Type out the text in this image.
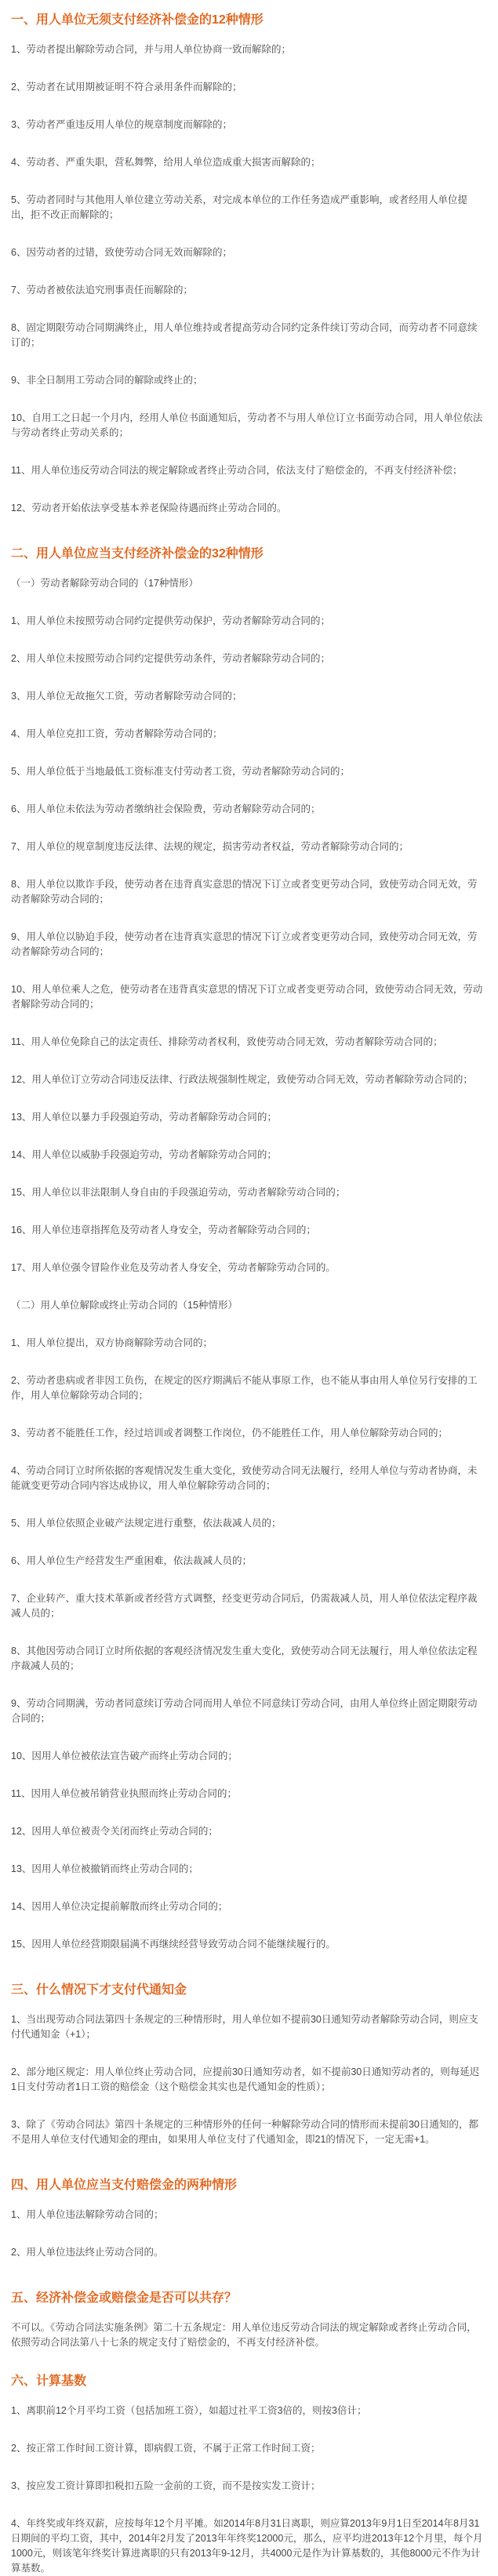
一、用人单位无须支付经济补偿金的12种情形
1、劳动者提出解除劳动合同，并与用人单位协商一致而解除的；
2、劳动者在试用期被证明不符合录用条件而解除的；
3、劳动者严重违反用人单位的规章制度而解除的；
4、劳动者、严重失职，营私舞弊，给用人单位造成重大损害而解除的；
5、劳动者同时与其他用人单位建立劳动关系，对完成本单位的工作任务造成严重影响，或者经用人单位提出，拒不改正而解除的；
6、因劳动者的过错，致使劳动合同无效而解除的；
7、劳动者被依法追究刑事责任而解除的；
8、固定期限劳动合同期满终止，用人单位维持或者提高劳动合同约定条件续订劳动合同，而劳动者不同意续订的；
9、非全日制用工劳动合同的解除或终止的；
10、自用工之日起一个月内，经用人单位书面通知后，劳动者不与用人单位订立书面劳动合同，用人单位依法与劳动者终止劳动关系的；
11、用人单位违反劳动合同法的规定解除或者终止劳动合同，依法支付了赔偿金的，不再支付经济补偿；
12、劳动者开始依法享受基本养老保险待遇而终止劳动合同的。
二、用人单位应当支付经济补偿金的32种情形
（一）劳动者解除劳动合同的（17种情形）
1、用人单位未按照劳动合同约定提供劳动保护，劳动者解除劳动合同的；
2、用人单位未按照劳动合同约定提供劳动条件，劳动者解除劳动合同的；
3、用人单位无故拖欠工资，劳动者解除劳动合同的；
4、用人单位克扣工资，劳动者解除劳动合同的；
5、用人单位低于当地最低工资标准支付劳动者工资，劳动者解除劳动合同的；
6、用人单位未依法为劳动者缴纳社会保险费，劳动者解除劳动合同的；
7、用人单位的规章制度违反法律、法规的规定，损害劳动者权益，劳动者解除劳动合同的；
8、用人单位以欺诈手段，使劳动者在违背真实意思的情况下订立或者变更劳动合同，致使劳动合同无效，劳动者解除劳动合同的；
9、用人单位以胁迫手段，使劳动者在违背真实意思的情况下订立或者变更劳动合同，致使劳动合同无效，劳动者解除劳动合同的；
10、用人单位乘人之危，使劳动者在违背真实意思的情况下订立或者变更劳动合同，致使劳动合同无效，劳动者解除劳动合同的；
11、用人单位免除自己的法定责任、排除劳动者权利，致使劳动合同无效，劳动者解除劳动合同的；
12、用人单位订立劳动合同违反法律、行政法规强制性规定，致使劳动合同无效，劳动者解除劳动合同的；
13、用人单位以暴力手段强迫劳动，劳动者解除劳动合同的；
14、用人单位以威胁手段强迫劳动，劳动者解除劳动合同的；
15、用人单位以非法限制人身自由的手段强迫劳动，劳动者解除劳动合同的；
16、用人单位违章指挥危及劳动者人身安全，劳动者解除劳动合同的；
17、用人单位强令冒险作业危及劳动者人身安全，劳动者解除劳动合同的。
（二）用人单位解除或终止劳动合同的（15种情形）
1、用人单位提出，双方协商解除劳动合同的；
2、劳动者患病或者非因工负伤，在规定的医疗期满后不能从事原工作，也不能从事由用人单位另行安排的工作，用人单位解除劳动合同的；
3、劳动者不能胜任工作，经过培训或者调整工作岗位，仍不能胜任工作，用人单位解除劳动合同的；
4、劳动合同订立时所依据的客观情况发生重大变化，致使劳动合同无法履行，经用人单位与劳动者协商，未能就变更劳动合同内容达成协议，用人单位解除劳动合同的；
5、用人单位依照企业破产法规定进行重整，依法裁减人员的；
6、用人单位生产经营发生严重困难，依法裁减人员的；
7、企业转产、重大技术革新或者经营方式调整，经变更劳动合同后，仍需裁减人员，用人单位依法定程序裁减人员的；
8、其他因劳动合同订立时所依据的客观经济情况发生重大变化，致使劳动合同无法履行，用人单位依法定程序裁减人员的；
9、劳动合同期满，劳动者同意续订劳动合同而用人单位不同意续订劳动合同，由用人单位终止固定期限劳动合同的；
10、因用人单位被依法宣告破产而终止劳动合同的；
11、因用人单位被吊销营业执照而终止劳动合同的；
12、因用人单位被责令关闭而终止劳动合同的；
13、因用人单位被撤销而终止劳动合同的；
14、因用人单位决定提前解散而终止劳动合同的；
15、因用人单位经营期限届满不再继续经营导致劳动合同不能继续履行的。
三、什么情况下才支付代通知金
1、当出现劳动合同法第四十条规定的三种情形时，用人单位如不提前30日通知劳动者解除劳动合同，则应支付代通知金（+1）；
2、部分地区规定：用人单位终止劳动合同，应提前30日通知劳动者，如不提前30日通知劳动者的，则每延迟1日支付劳动者1日工资的赔偿金（这个赔偿金其实也是代通知金的性质）；
3、除了《劳动合同法》第四十条规定的三种情形外的任何一种解除劳动合同的情形而未提前30日通知的，都不是用人单位支付代通知金的理由，如果用人单位支付了代通知金，即21的情况下，一定无需+1。
四、用人单位应当支付赔偿金的两种情形
1、用人单位违法解除劳动合同的；
2、用人单位违法终止劳动合同的。
五、经济补偿金或赔偿金是否可以共存？
不可以。《劳动合同法实施条例》第二十五条规定：用人单位违反劳动合同法的规定解除或者终止劳动合同，依照劳动合同法第八十七条的规定支付了赔偿金的，不再支付经济补偿。
六、计算基数
1、离职前12个月平均工资（包括加班工资），如超过社平工资3倍的，则按3倍计；
2、按正常工作时间工资计算，即病假工资，不属于正常工作时间工资；
3、按应发工资计算即扣税扣五险一金前的工资，而不是按实发工资计；
4、年终奖或年终双薪，应按每年12个月平摊。如2014年8月31日离职，则应算2013年9月1日至2014年8月31日期间的平均工资，其中，2014年2月发了2013年年终奖12000元，那么，应平均进2013年12个月里，每个月1000元，则该笔年终奖计算进离职的只有2013年9-12月，共4000元是作为计算基数的，其他8000元不作为计算基数。
